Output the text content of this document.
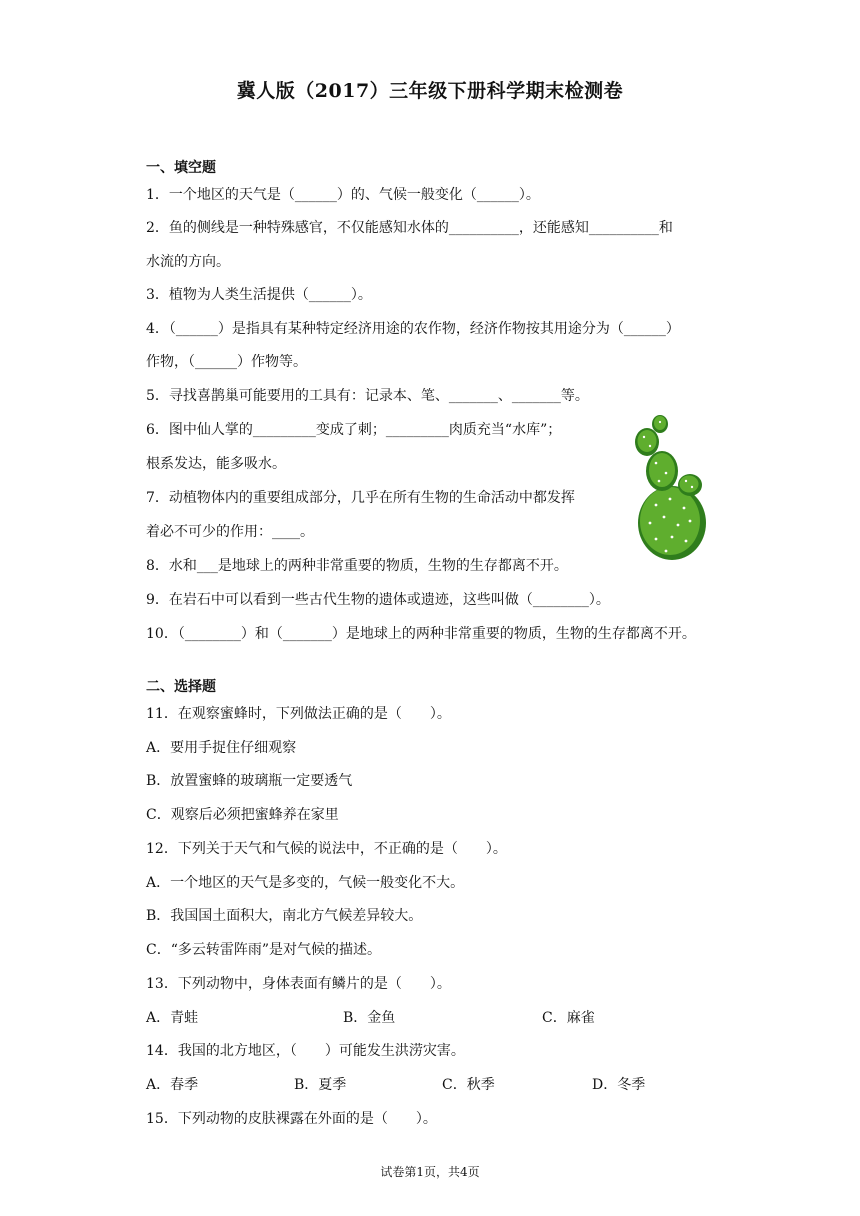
冀人版（2017）三年级下册科学期末检测卷
一、填空题
1．一个地区的天气是（______）的、气候一般变化（______）。
2．鱼的侧线是一种特殊感官，不仅能感知水体的__________，还能感知__________和
水流的方向。
3．植物为人类生活提供（______）。
4．（______）是指具有某种特定经济用途的农作物，经济作物按其用途分为（______）
作物，（______）作物等。
5．寻找喜鹊巢可能要用的工具有：记录本、笔、_______、_______等。
6．图中仙人掌的_________变成了刺；_________肉质充当“水库”；
根系发达，能多吸水。
7．动植物体内的重要组成部分，几乎在所有生物的生命活动中都发挥
着必不可少的作用：____。
8．水和___是地球上的两种非常重要的物质，生物的生存都离不开。
9．在岩石中可以看到一些古代生物的遗体或遗迹，这些叫做（________）。
10．（________）和（_______）是地球上的两种非常重要的物质，生物的生存都离不开。
二、选择题
11．在观察蜜蜂时，下列做法正确的是（　　）。
A．要用手捉住仔细观察
B．放置蜜蜂的玻璃瓶一定要透气
C．观察后必须把蜜蜂养在家里
12．下列关于天气和气候的说法中，不正确的是（　　）。
A．一个地区的天气是多变的，气候一般变化不大。
B．我国国土面积大，南北方气候差异较大。
C．“多云转雷阵雨”是对气候的描述。
13．下列动物中，身体表面有鳞片的是（　　）。
A．青蛙	B．金鱼	C．麻雀
14．我国的北方地区，（　　）可能发生洪涝灾害。
A．春季	B．夏季	C．秋季	D．冬季
15．下列动物的皮肤裸露在外面的是（　　）。
试卷第1页，共4页
